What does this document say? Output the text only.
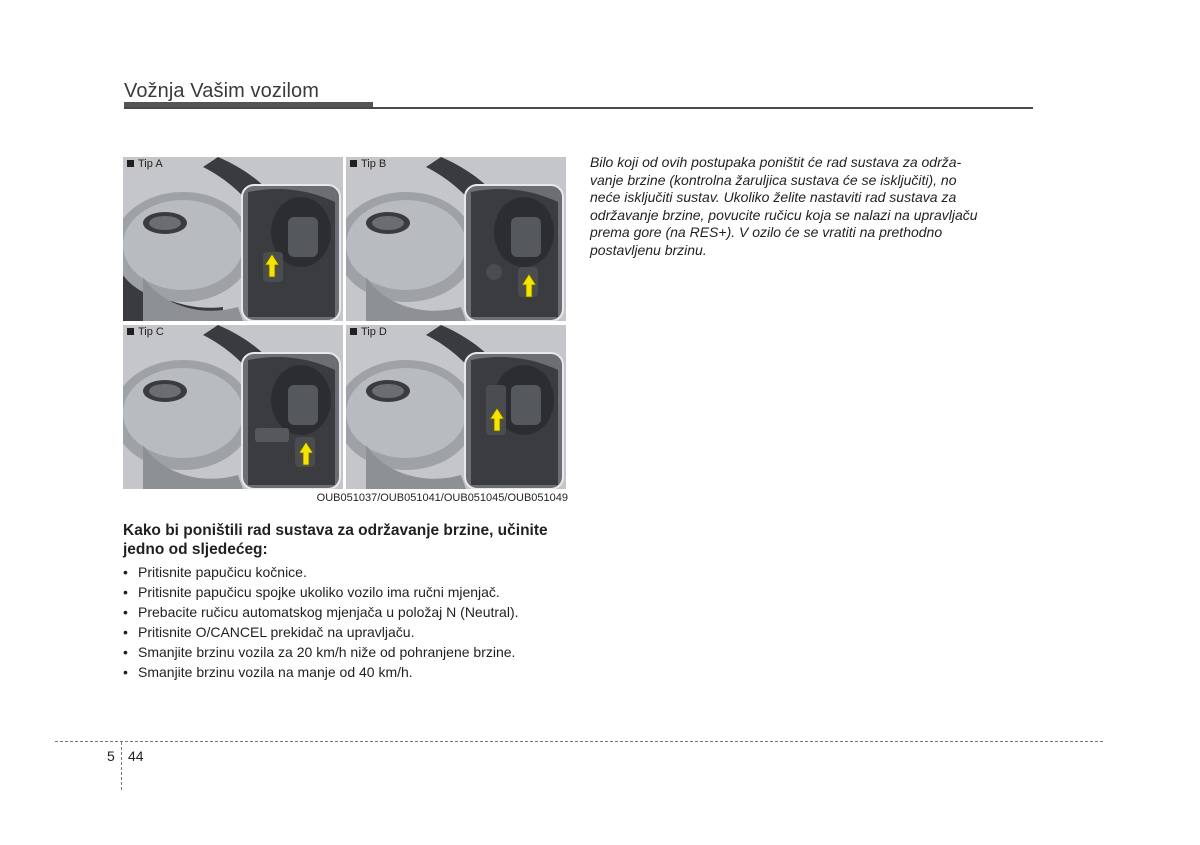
Vožnja Vašim vozilom
Tip A	Tip B
Tip C	Tip D
OUB051037/OUB051041/OUB051045/OUB051049
Kako bi poništili rad sustava za održavanje brzine, učinite jedno od sljedećeg:
• Pritisnite papučicu kočnice.
• Pritisnite papučicu spojke ukoliko vozilo ima ručni mjenjač.
• Prebacite ručicu automatskog mjenjača u položaj N (Neutral).
• Pritisnite O/CANCEL prekidač na upravljaču.
• Smanjite brzinu vozila za 20 km/h niže od pohranjene brzine.
• Smanjite brzinu vozila na manje od 40 km/h.
Bilo koji od ovih postupaka poništit će rad sustava za održa-
vanje brzine (kontrolna žaruljica sustava će se isključiti), no
neće isključiti sustav. Ukoliko želite nastaviti rad sustava za
održavanje brzine, povucite ručicu koja se nalazi na upravljaču
prema gore (na RES+). V ozilo će se vratiti na prethodno
postavljenu brzinu.
5 44
